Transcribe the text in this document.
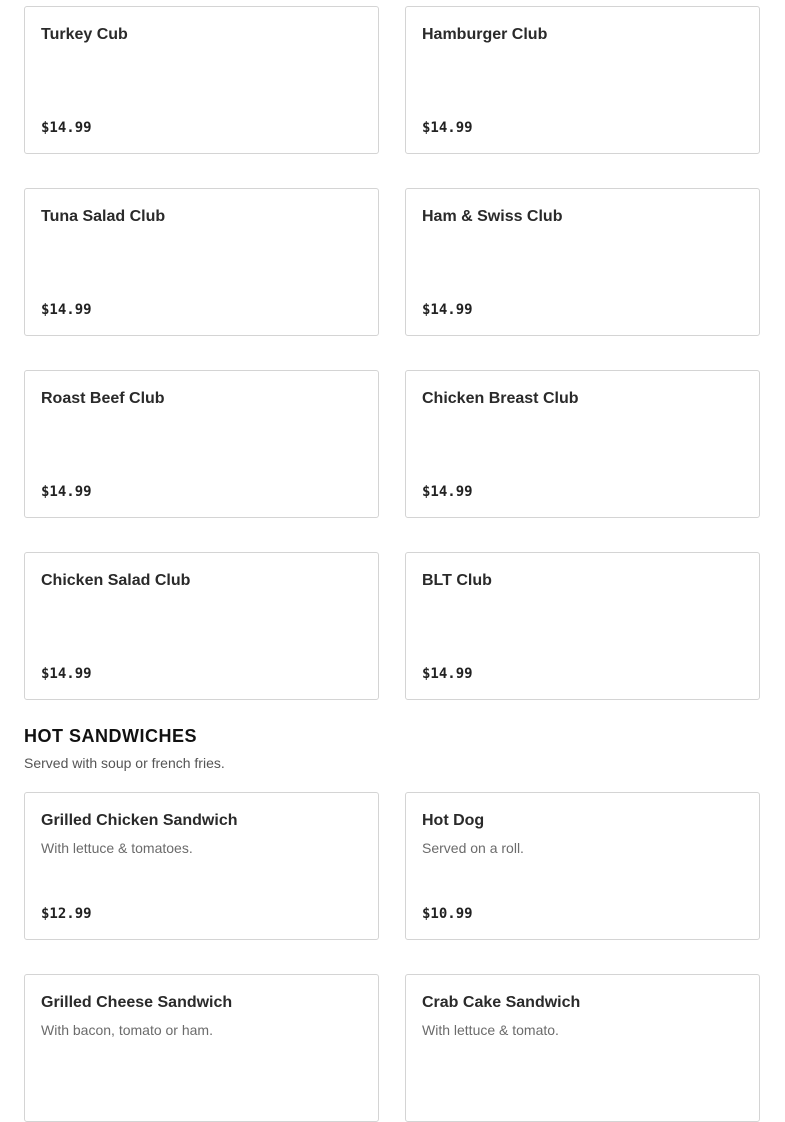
Turkey Cub
$14.99
Hamburger Club
$14.99
Tuna Salad Club
$14.99
Ham & Swiss Club
$14.99
Roast Beef Club
$14.99
Chicken Breast Club
$14.99
Chicken Salad Club
$14.99
BLT Club
$14.99
HOT SANDWICHES

Served with soup or french fries.

Grilled Chicken Sandwich
With lettuce & tomatoes.
$12.99
Hot Dog
Served on a roll.
$10.99
Grilled Cheese Sandwich
With bacon, tomato or ham.
Crab Cake Sandwich
With lettuce & tomato.
